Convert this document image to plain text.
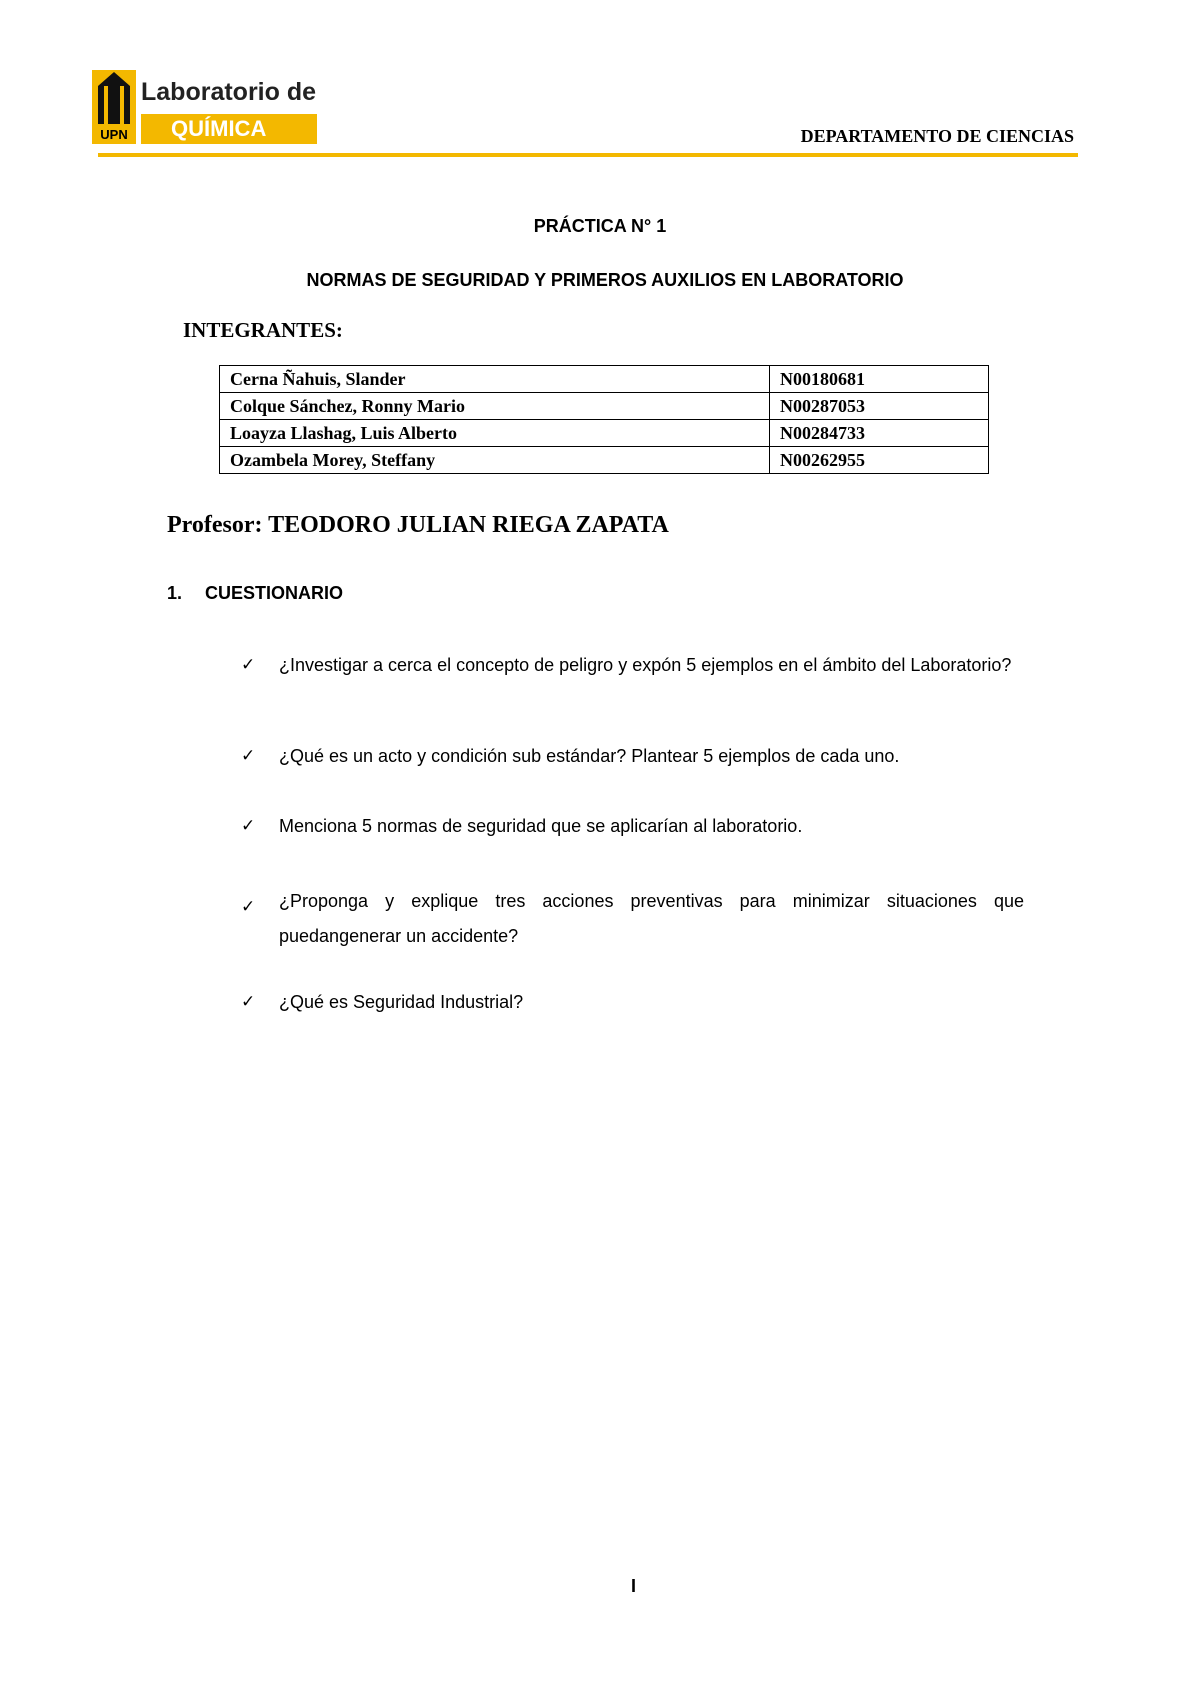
UPN
Laboratorio de
QUÍMICA	DEPARTAMENTO DE CIENCIAS
PRÁCTICA N° 1
NORMAS DE SEGURIDAD Y PRIMEROS AUXILIOS EN LABORATORIO
INTEGRANTES:
Cerna Ñahuis, Slander	N00180681
Colque Sánchez, Ronny Mario	N00287053
Loayza Llashag, Luis Alberto	N00284733
Ozambela Morey, Steffany	N00262955
Profesor: TEODORO JULIAN RIEGA ZAPATA
1. CUESTIONARIO
✓ ¿Investigar a cerca el concepto de peligro y expón 5 ejemplos en el ámbito del Laboratorio?
✓ ¿Qué es un acto y condición sub estándar? Plantear 5 ejemplos de cada uno.
✓ Menciona 5 normas de seguridad que se aplicarían al laboratorio.
✓ ¿Proponga y explique tres acciones preventivas para minimizar situaciones que puedangenerar un accidente?
✓ ¿Qué es Seguridad Industrial?
I
